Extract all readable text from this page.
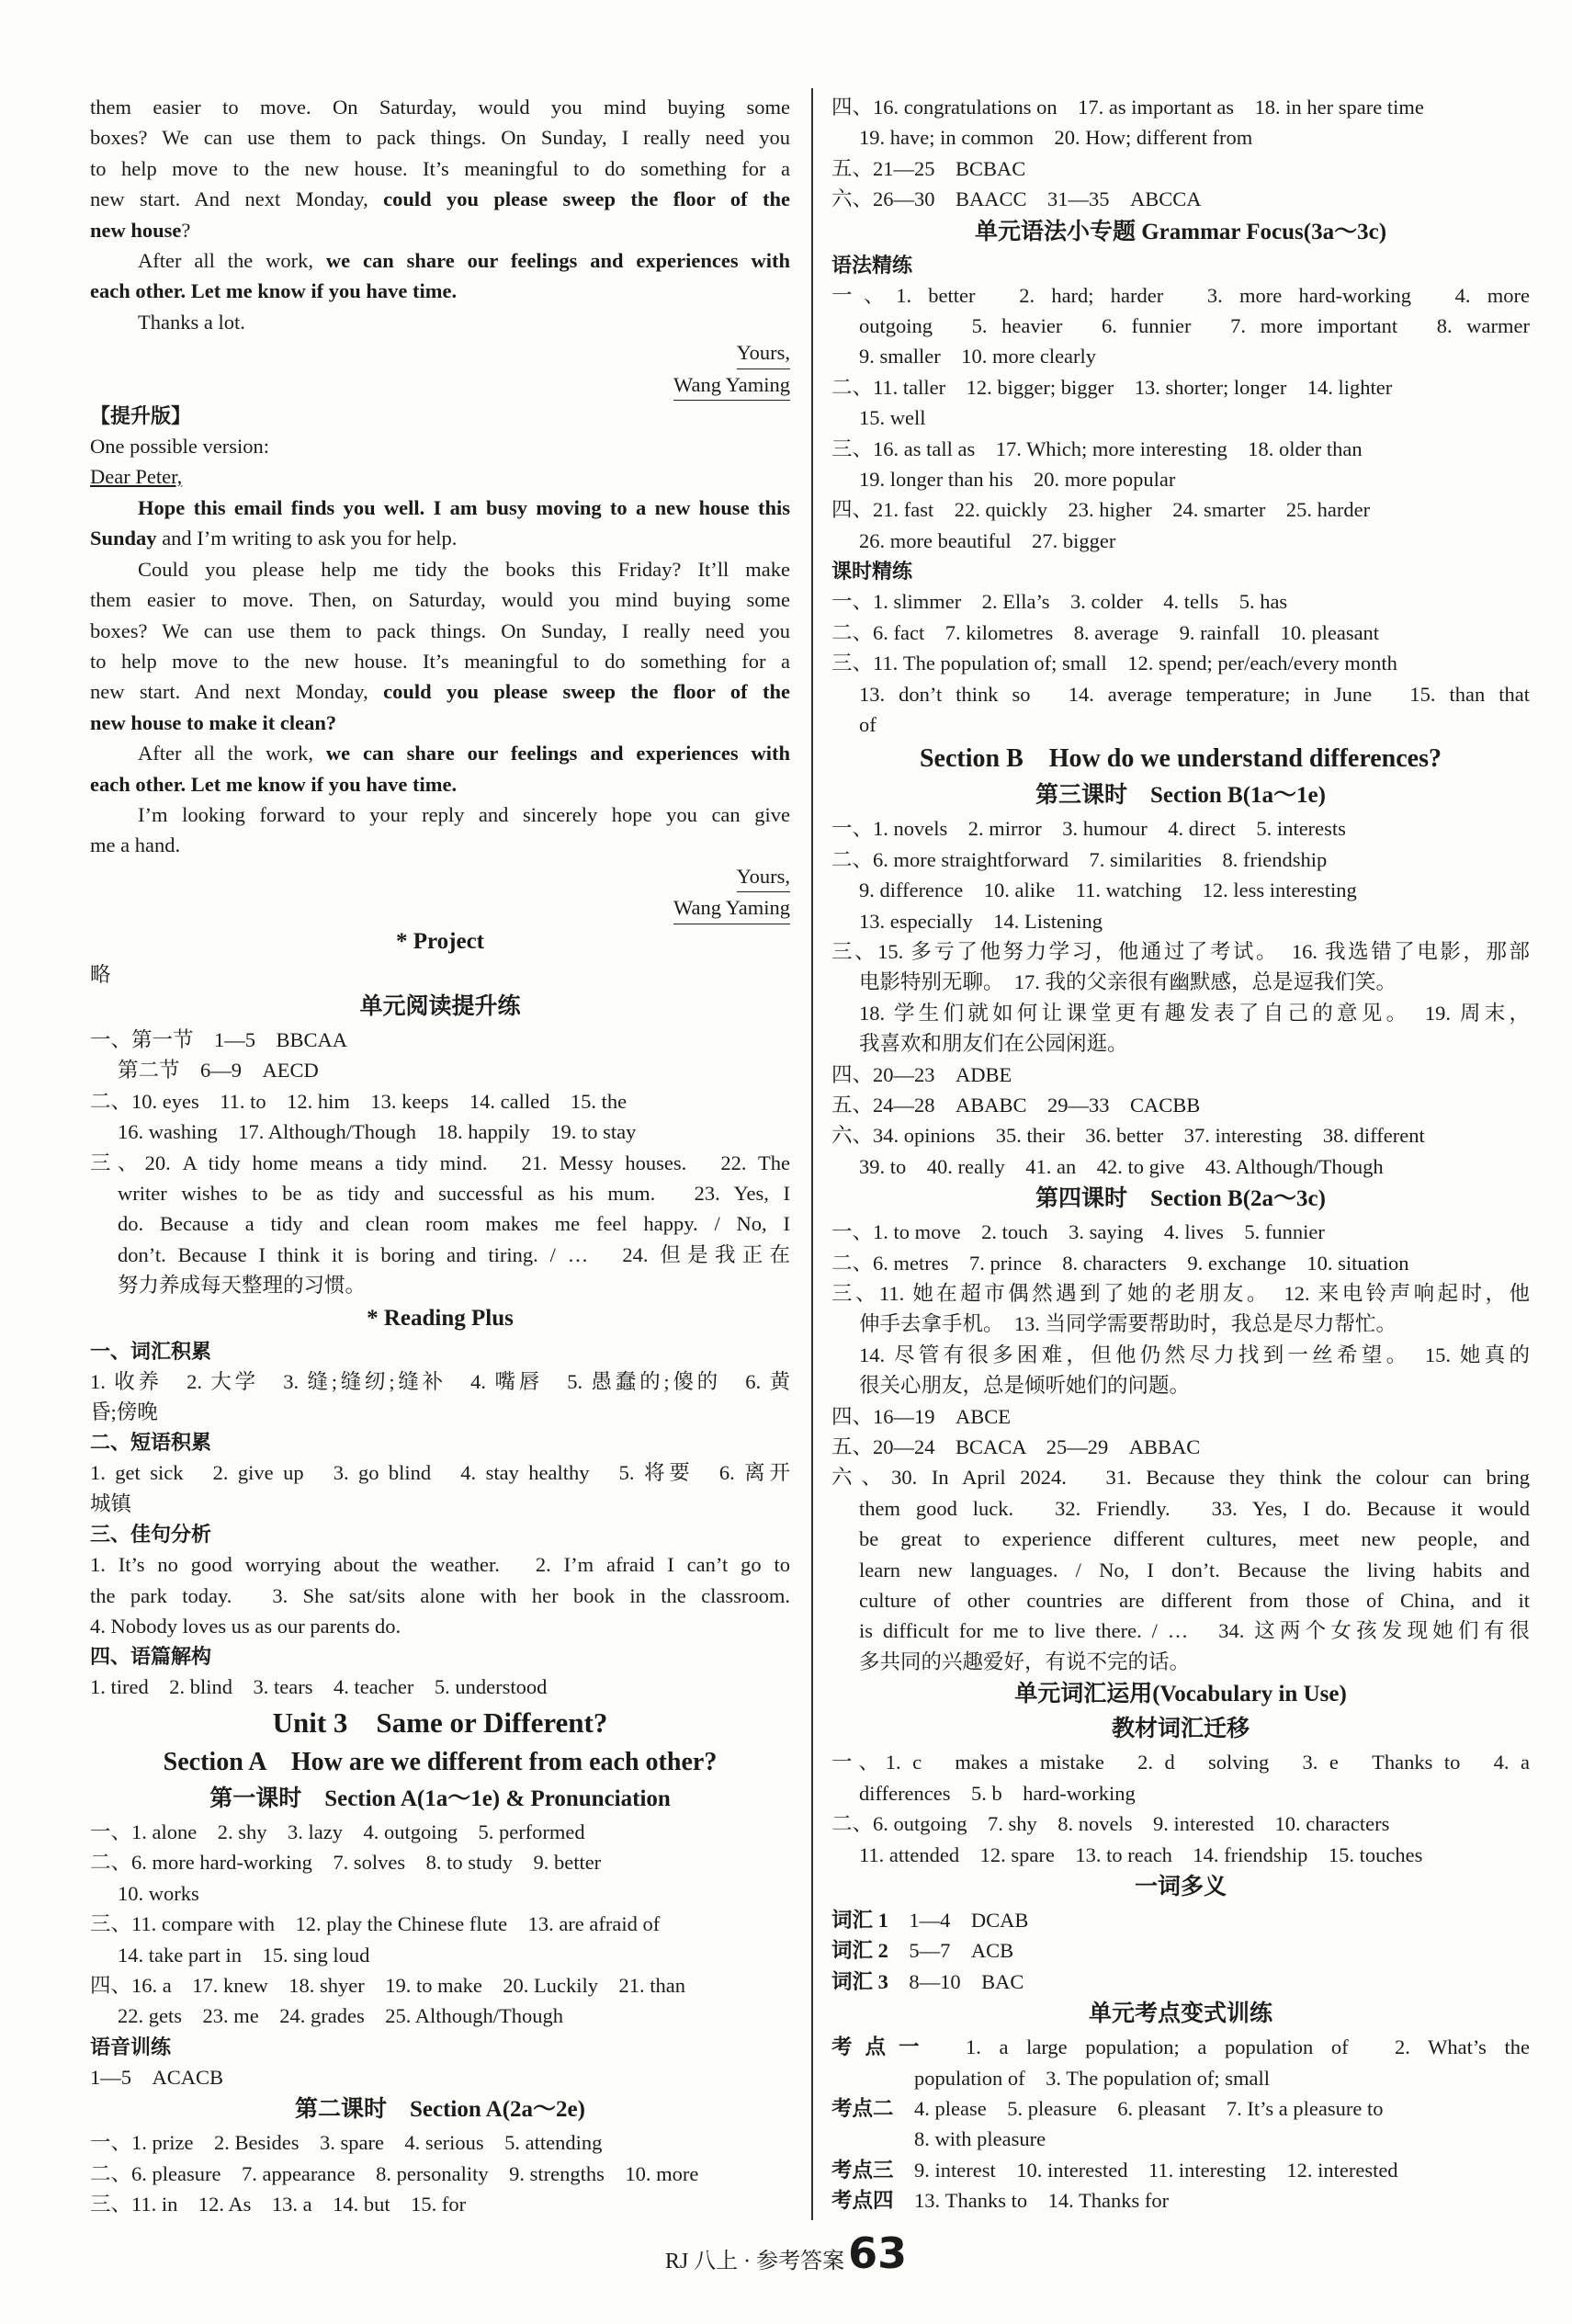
them easier to move. On Saturday, would you mind buying some
boxes? We can use them to pack things. On Sunday, I really need you
to help move to the new house. It’s meaningful to do something for a
new start. And next Monday, could you please sweep the floor of the
new house?
After all the work, we can share our feelings and experiences with
each other. Let me know if you have time.
Thanks a lot.
Yours,
Wang Yaming
【提升版】
One possible version:
Dear Peter,
Hope this email finds you well. I am busy moving to a new house this
Sunday and I’m writing to ask you for help.
Could you please help me tidy the books this Friday? It’ll make
them easier to move. Then, on Saturday, would you mind buying some
boxes? We can use them to pack things. On Sunday, I really need you
to help move to the new house. It’s meaningful to do something for a
new start. And next Monday, could you please sweep the floor of the
new house to make it clean?
After all the work, we can share our feelings and experiences with
each other. Let me know if you have time.
I’m looking forward to your reply and sincerely hope you can give
me a hand.
Yours,
Wang Yaming
* Project
略
单元阅读提升练
一、第一节　1—5　BBCAA
第二节　6—9　AECD
二、10. eyes　11. to　12. him　13. keeps　14. called　15. the
16. washing　17. Although/Though　18. happily　19. to stay
三、20. A tidy home means a tidy mind.　21. Messy houses.　22. The
writer wishes to be as tidy and successful as his mum.　23. Yes, I
do. Because a tidy and clean room makes me feel happy. / No, I
don’t. Because I think it is boring and tiring. / …　24. 但是我正在
努力养成每天整理的习惯。
* Reading Plus
一、词汇积累
1. 收养　2. 大学　3. 缝;缝纫;缝补　4. 嘴唇　5. 愚蠢的;傻的　6. 黄
昏;傍晚
二、短语积累
1. get sick　2. give up　3. go blind　4. stay healthy　5. 将要　6. 离开
城镇
三、佳句分析
1. It’s no good worrying about the weather.　2. I’m afraid I can’t go to
the park today.　3. She sat/sits alone with her book in the classroom.
4. Nobody loves us as our parents do.
四、语篇解构
1. tired　2. blind　3. tears　4. teacher　5. understood
Unit 3　Same or Different?
Section A　How are we different from each other?
第一课时　Section A(1a～1e) & Pronunciation
一、1. alone　2. shy　3. lazy　4. outgoing　5. performed
二、6. more hard-working　7. solves　8. to study　9. better
10. works
三、11. compare with　12. play the Chinese flute　13. are afraid of
14. take part in　15. sing loud
四、16. a　17. knew　18. shyer　19. to make　20. Luckily　21. than
22. gets　23. me　24. grades　25. Although/Though
语音训练
1—5　ACACB
第二课时　Section A(2a～2e)
一、1. prize　2. Besides　3. spare　4. serious　5. attending
二、6. pleasure　7. appearance　8. personality　9. strengths　10. more
三、11. in　12. As　13. a　14. but　15. for
四、16. congratulations on　17. as important as　18. in her spare time
19. have; in common　20. How; different from
五、21—25　BCBAC
六、26—30　BAACC　31—35　ABCCA
单元语法小专题 Grammar Focus(3a～3c)
语法精练
一、1. better　2. hard; harder　3. more hard-working　4. more
outgoing　5. heavier　6. funnier　7. more important　8. warmer
9. smaller　10. more clearly
二、11. taller　12. bigger; bigger　13. shorter; longer　14. lighter
15. well
三、16. as tall as　17. Which; more interesting　18. older than
19. longer than his　20. more popular
四、21. fast　22. quickly　23. higher　24. smarter　25. harder
26. more beautiful　27. bigger
课时精练
一、1. slimmer　2. Ella’s　3. colder　4. tells　5. has
二、6. fact　7. kilometres　8. average　9. rainfall　10. pleasant
三、11. The population of; small　12. spend; per/each/every month
13. don’t think so　14. average temperature; in June　15. than that
of
Section B　How do we understand differences?
第三课时　Section B(1a～1e)
一、1. novels　2. mirror　3. humour　4. direct　5. interests
二、6. more straightforward　7. similarities　8. friendship
9. difference　10. alike　11. watching　12. less interesting
13. especially　14. Listening
三、15. 多亏了他努力学习，他通过了考试。　16. 我选错了电影，那部
电影特别无聊。　17. 我的父亲很有幽默感，总是逗我们笑。
18. 学生们就如何让课堂更有趣发表了自己的意见。　19. 周末，
我喜欢和朋友们在公园闲逛。
四、20—23　ADBE
五、24—28　ABABC　29—33　CACBB
六、34. opinions　35. their　36. better　37. interesting　38. different
39. to　40. really　41. an　42. to give　43. Although/Though
第四课时　Section B(2a～3c)
一、1. to move　2. touch　3. saying　4. lives　5. funnier
二、6. metres　7. prince　8. characters　9. exchange　10. situation
三、11. 她在超市偶然遇到了她的老朋友。　12. 来电铃声响起时，他
伸手去拿手机。　13. 当同学需要帮助时，我总是尽力帮忙。
14. 尽管有很多困难，但他仍然尽力找到一丝希望。　15. 她真的
很关心朋友，总是倾听她们的问题。
四、16—19　ABCE
五、20—24　BCACA　25—29　ABBAC
六、30. In April 2024.　31. Because they think the colour can bring
them good luck.　32. Friendly.　33. Yes, I do. Because it would
be great to experience different cultures, meet new people, and
learn new languages. / No, I don’t. Because the living habits and
culture of other countries are different from those of China, and it
is difficult for me to live there. / …　34. 这两个女孩发现她们有很
多共同的兴趣爱好，有说不完的话。
单元词汇运用(Vocabulary in Use)
教材词汇迁移
一、1. c　makes a mistake　2. d　solving　3. e　Thanks to　4. a
differences　5. b　hard-working
二、6. outgoing　7. shy　8. novels　9. interested　10. characters
11. attended　12. spare　13. to reach　14. friendship　15. touches
一词多义
词汇 1　1—4　DCAB
词汇 2　5—7　ACB
词汇 3　8—10　BAC
单元考点变式训练
考点一　1. a large population; a population of　2. What’s the
population of　3. The population of; small
考点二　4. please　5. pleasure　6. pleasant　7. It’s a pleasure to
8. with pleasure
考点三　9. interest　10. interested　11. interesting　12. interested
考点四　13. Thanks to　14. Thanks for
RJ 八上 · 参考答案 63
